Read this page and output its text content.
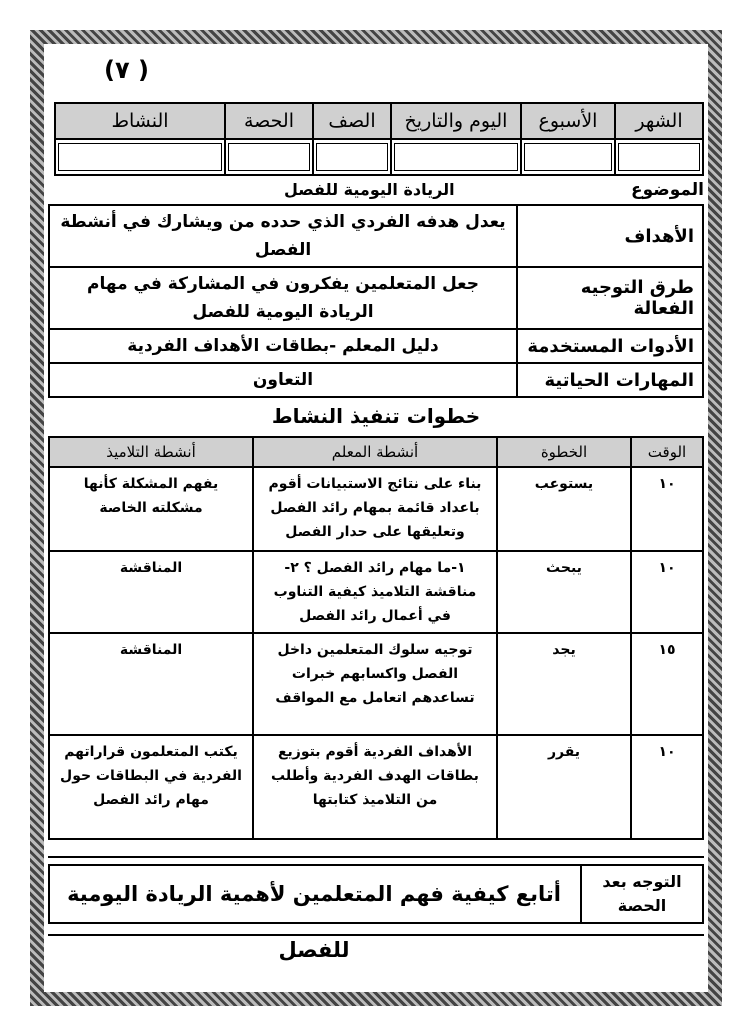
(٧ )
الشهر	الأسبوع	اليوم والتاريخ	الصف	الحصة	النشاط

الموضوع
الريادة اليومية للفصل
الأهداف	يعدل هدفه الفردي الذي حدده من ويشارك في أنشطة الفصل
طرق التوجيه الفعالة	جعل المتعلمين يفكرون في المشاركة في مهام الريادة اليومية للفصل
الأدوات المستخدمة	دليل المعلم -بطاقات الأهداف الفردية
المهارات الحياتية	التعاون
خطوات تنفيذ النشاط
الوقت	الخطوة	أنشطة المعلم	أنشطة التلاميذ
١٠	يستوعب	بناء على نتائج الاستبيانات أقوم باعداد قائمة بمهام رائد الفصل وتعليقها على حدار الفصل	يفهم المشكلة كأنها مشكلته الخاصة
١٠	يبحث	١-ما مهام رائد الفصل ؟ ٢-مناقشة التلاميذ كيفية التناوب في أعمال رائد الفصل	المناقشة
١٥	يجد	توجيه سلوك المتعلمين داخل الفصل واكسابهم خبرات تساعدهم اتعامل مع المواقف	المناقشة
١٠	يقرر	الأهداف الفردية أقوم بتوزيع بطاقات الهدف الفردية وأطلب من التلاميذ كتابتها	يكتب المتعلمون قراراتهم الفردية في البطاقات حول مهام رائد الفصل
التوجه بعد الحصة
أتابع كيفية فهم المتعلمين لأهمية الريادة اليومية للفصل
